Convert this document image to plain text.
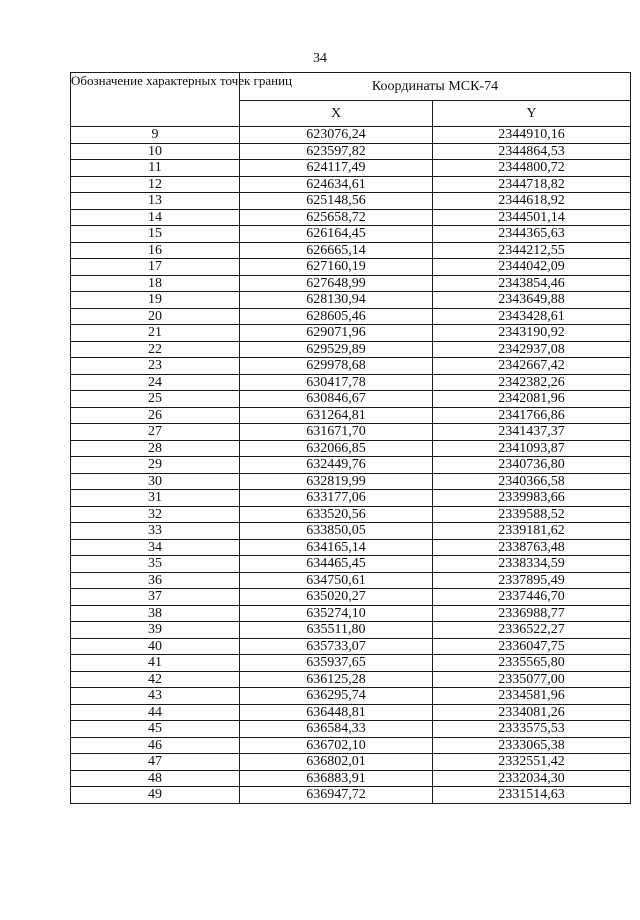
34
Обозначение характерных точек границ	Координаты МСК-74	
	X	Y
9	623076,24	2344910,16
10	623597,82	2344864,53
11	624117,49	2344800,72
12	624634,61	2344718,82
13	625148,56	2344618,92
14	625658,72	2344501,14
15	626164,45	2344365,63
16	626665,14	2344212,55
17	627160,19	2344042,09
18	627648,99	2343854,46
19	628130,94	2343649,88
20	628605,46	2343428,61
21	629071,96	2343190,92
22	629529,89	2342937,08
23	629978,68	2342667,42
24	630417,78	2342382,26
25	630846,67	2342081,96
26	631264,81	2341766,86
27	631671,70	2341437,37
28	632066,85	2341093,87
29	632449,76	2340736,80
30	632819,99	2340366,58
31	633177,06	2339983,66
32	633520,56	2339588,52
33	633850,05	2339181,62
34	634165,14	2338763,48
35	634465,45	2338334,59
36	634750,61	2337895,49
37	635020,27	2337446,70
38	635274,10	2336988,77
39	635511,80	2336522,27
40	635733,07	2336047,75
41	635937,65	2335565,80
42	636125,28	2335077,00
43	636295,74	2334581,96
44	636448,81	2334081,26
45	636584,33	2333575,53
46	636702,10	2333065,38
47	636802,01	2332551,42
48	636883,91	2332034,30
49	636947,72	2331514,63
